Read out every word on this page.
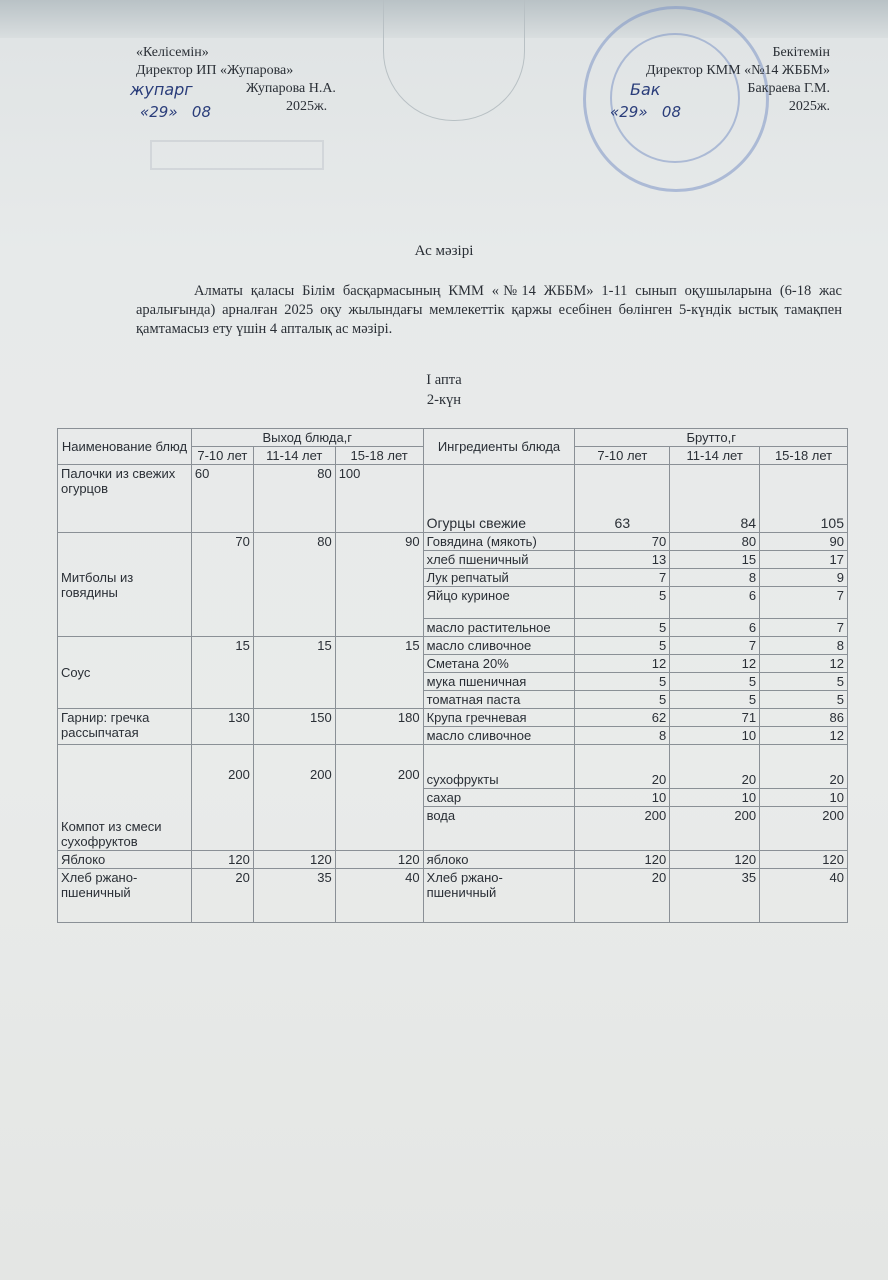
«Келісемін»
Директор ИП «Жупарова»
Жупарова Н.А.
2025ж.
жупарг
«29»   08
Бекітемін
Директор КММ «№14 ЖББМ»
Бакраева Г.М.
2025ж.
Бак
«29»   08
Ас мәзірі
Алматы қаласы Білім басқармасының КММ «№14 ЖББМ» 1-11 сынып оқушыларына (6-18 жас аралығында) арналған 2025 оқу жылындағы мемлекеттік қаржы есебінен бөлінген 5-күндік ыстық тамақпен қамтамасыз ету үшін 4 апталық ас мәзірі.
I апта
2-күн
Наименование блюд	Выход блюда,г			Ингредиенты блюда	Брутто,г		
	7-10 лет	11-14 лет	15-18 лет				
					7-10 лет	11-14 лет	15-18 лет
Палочки из свежих огурцов	60	80	100	Огурцы свежие	63	84	105
Митболы из говядины	70	80	90	Говядина (мякоть)	70	80	90
				хлеб пшеничный	13	15	17
				Лук репчатый	7	8	9
				Яйцо куриное	5	6	7
				масло растительное	5	6	7
Соус	15	15	15	масло сливочное	5	7	8
				Сметана 20%	12	12	12
				мука пшеничная	5	5	5
				томатная паста	5	5	5
Гарнир: гречка рассыпчатая	130	150	180	Крупа гречневая	62	71	86
				масло сливочное	8	10	12
Компот из смеси сухофруктов	200	200	200	сухофрукты	20	20	20
				сахар	10	10	10
				вода	200	200	200
Яблоко	120	120	120	яблоко	120	120	120
Хлеб ржано-пшеничный	20	35	40	Хлеб ржано-пшеничный	20	35	40
